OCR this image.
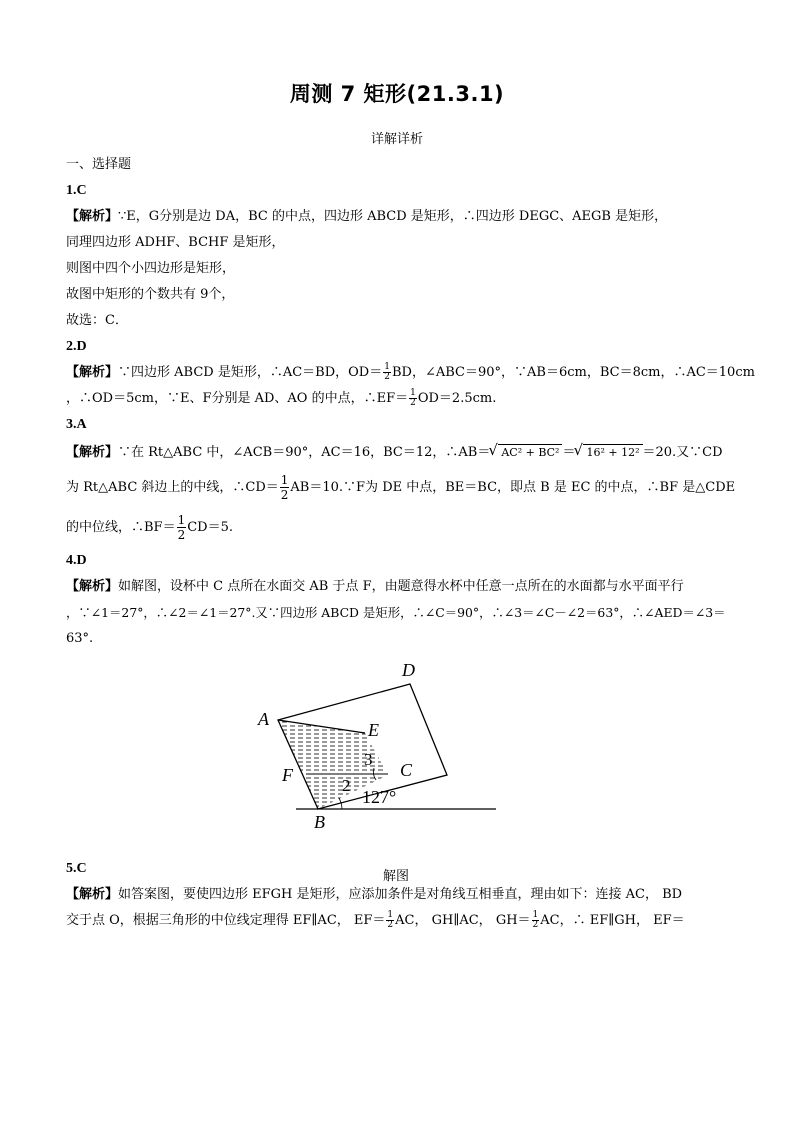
周测 7 矩形(21.3.1)
详解详析
一、选择题
1.C
【解析】∵E，G分别是边 DA，BC 的中点，四边形 ABCD 是矩形，∴四边形 DEGC、AEGB 是矩形，
同理四边形 ADHF、BCHF 是矩形，
则图中四个小四边形是矩形，
故图中矩形的个数共有 9个，
故选：C．
2.D
【解析】∵四边形 ABCD 是矩形，∴AC＝BD，$OD= \frac{1}{2}$ BD，∠ABC＝90°，∵AB＝6cm，BC＝8cm，∴AC＝10cm
，∴OD＝5cm，∵E、F分别是 AD、AO 的中点，∴EF＝ $\frac{1}{2} OD=2.5cm$.
3.A
【解析】∵在 Rt△ABC 中，∠ACB＝90°，AC＝16，BC＝12，∴AB＝ √ AC² + BC² ＝ √ 16² + 12² ＝20.又∵CD
为 Rt△ABC 斜边上的中线，∴CD＝ $\frac{1}{2}$ AB＝10.∵F为 DE 中点，BE＝BC，即点 B 是 EC 的中点，∴BF 是△CDE
的中位线，∴BF＝ $\frac{1}{2} CD=5$.
4.D
【解析】如解图，设杯中 C 点所在水面交 AB 于点 F，由题意得水杯中任意一点所在的水面都与水平面平行
，∵∠1＝27°，∴∠2＝∠1＝27°.又∵四边形 ABCD 是矩形，∴∠C＝90°，∴∠3＝∠C－∠2＝63°，∴∠AED＝∠3＝
63°.
D
A
E
F	C
B
3
2
127°
解图
5.C
【解析】如答案图，要使四边形 EFGH 是矩形，应添加条件是对角线互相垂直，理由如下：连接 AC， BD
交于点 O，根据三角形的中位线定理得 EF∥AC， $EF= \frac{1}{2}$ AC， GH∥AC， $GH= \frac{1}{2}$ AC，∴ EF∥GH， EF＝
